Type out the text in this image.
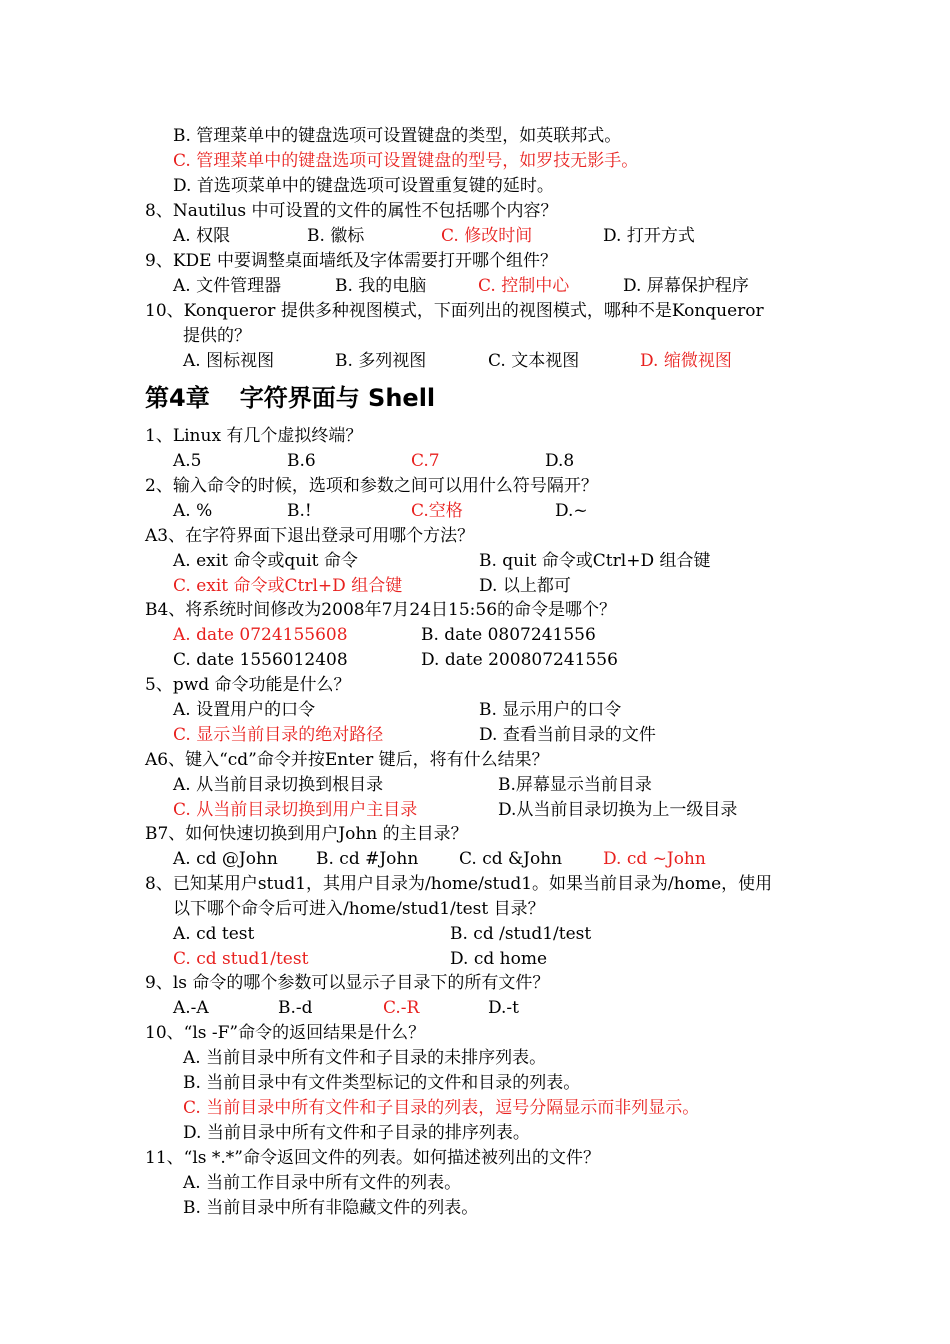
B. 管理菜单中的键盘选项可设置键盘的类型，如英联邦式。
C. 管理菜单中的键盘选项可设置键盘的型号，如罗技无影手。
D. 首选项菜单中的键盘选项可设置重复键的延时。
8、Nautilus 中可设置的文件的属性不包括哪个内容？
A. 权限	B. 徽标	C. 修改时间	D. 打开方式
9、KDE 中要调整桌面墙纸及字体需要打开哪个组件？
A. 文件管理器	B. 我的电脑	C. 控制中心	D. 屏幕保护程序
10、Konqueror 提供多种视图模式，下面列出的视图模式，哪种不是Konqueror
提供的？
A. 图标视图	B. 多列视图	C. 文本视图	D. 缩微视图
第4章 字符界面与 Shell
1、Linux 有几个虚拟终端？
A.5	B.6	C.7	D.8
2、输入命令的时候，选项和参数之间可以用什么符号隔开？
A. %	B.!	C.空格	D.~
A3、在字符界面下退出登录可用哪个方法？
A. exit 命令或quit 命令	B. quit 命令或Ctrl+D 组合键
C. exit 命令或Ctrl+D 组合键	D. 以上都可
B4、将系统时间修改为2008年7月24日15:56的命令是哪个？
A. date 0724155608	B. date 0807241556
C. date 1556012408	D. date 200807241556
5、pwd 命令功能是什么？
A. 设置用户的口令	B. 显示用户的口令
C. 显示当前目录的绝对路径	D. 查看当前目录的文件
A6、键入“cd”命令并按Enter 键后，将有什么结果？
A. 从当前目录切换到根目录	B.屏幕显示当前目录
C. 从当前目录切换到用户主目录	D.从当前目录切换为上一级目录
B7、如何快速切换到用户John 的主目录？
A. cd @John B. cd #John C. cd &John D. cd ~John
8、已知某用户stud1，其用户目录为/home/stud1。如果当前目录为/home，使用
以下哪个命令后可进入/home/stud1/test 目录？
A. cd test	B. cd /stud1/test
C. cd stud1/test	D. cd home
9、ls 命令的哪个参数可以显示子目录下的所有文件？
A.-A	B.-d	C.-R	D.-t
10、“ls -F”命令的返回结果是什么？
A. 当前目录中所有文件和子目录的未排序列表。
B. 当前目录中有文件类型标记的文件和目录的列表。
C. 当前目录中所有文件和子目录的列表，逗号分隔显示而非列显示。
D. 当前目录中所有文件和子目录的排序列表。
11、“ls *.*”命令返回文件的列表。如何描述被列出的文件？
A. 当前工作目录中所有文件的列表。
B. 当前目录中所有非隐藏文件的列表。
